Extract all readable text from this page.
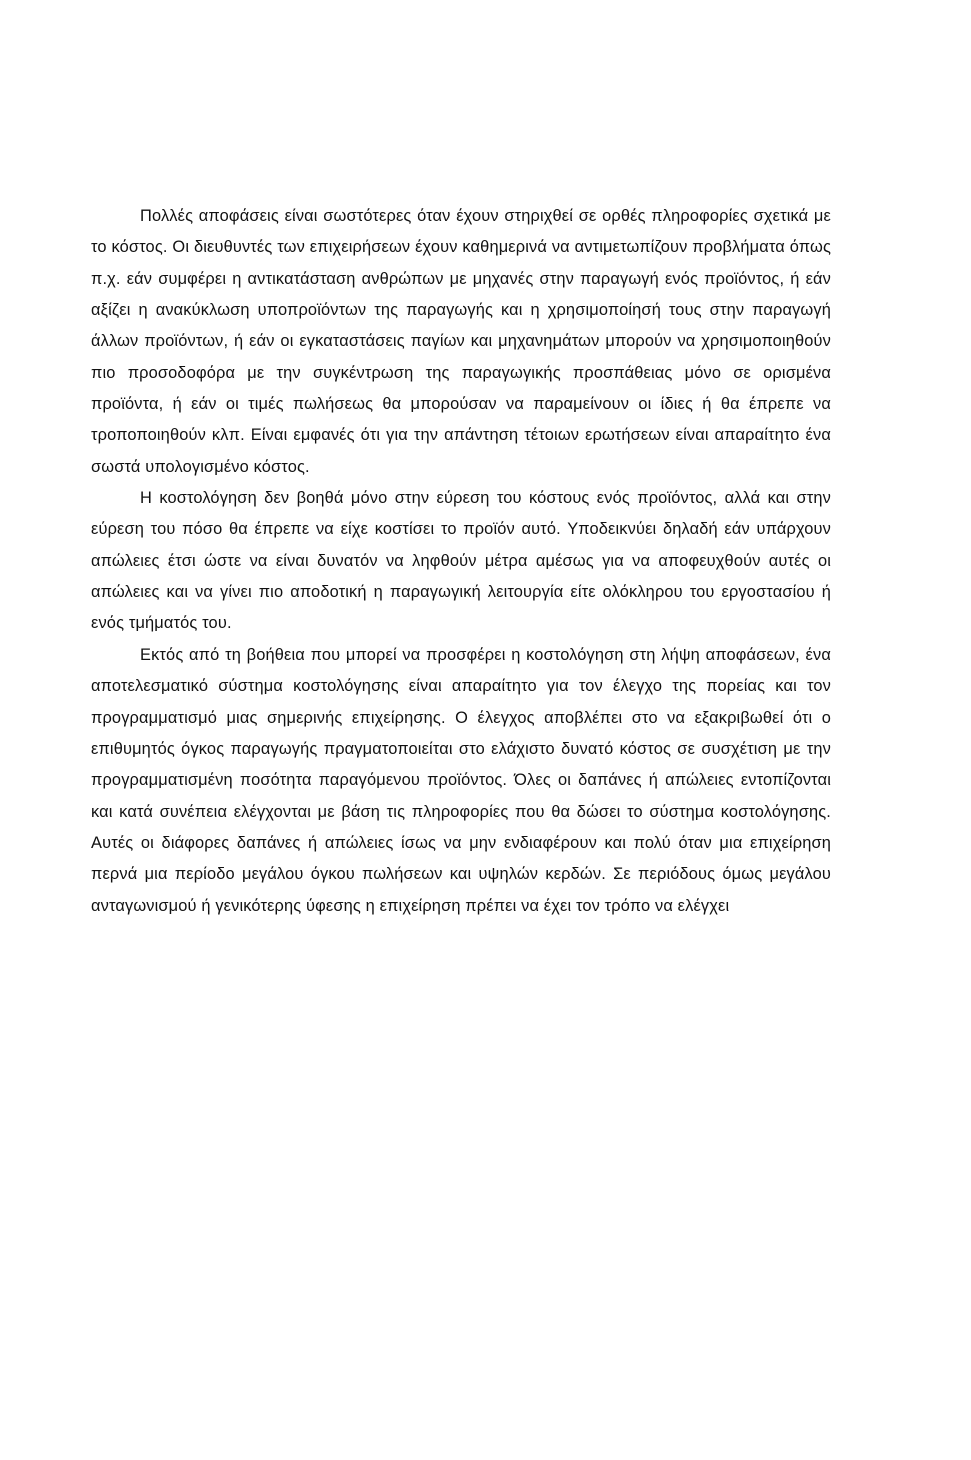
Πολλές αποφάσεις είναι σωστότερες όταν έχουν στηριχθεί σε ορθές πληροφορίες σχετικά με το κόστος. Οι διευθυντές των επιχειρήσεων έχουν καθημερινά να αντιμετωπίζουν προβλήματα όπως π.χ. εάν συμφέρει η αντικατάσταση ανθρώπων με μηχανές στην παραγωγή ενός προϊόντος, ή εάν αξίζει η ανακύκλωση υποπροϊόντων της παραγωγής και η χρησιμοποίησή τους στην παραγωγή άλλων προϊόντων, ή εάν οι εγκαταστάσεις παγίων και μηχανημάτων μπορούν να χρησιμοποιηθούν πιο προσοδοφόρα με την συγκέντρωση της παραγωγικής προσπάθειας μόνο σε ορισμένα προϊόντα, ή εάν οι τιμές πωλήσεως θα μπορούσαν να παραμείνουν οι ίδιες ή θα έπρεπε να τροποποιηθούν κλπ. Είναι εμφανές ότι για την απάντηση τέτοιων ερωτήσεων είναι απαραίτητο ένα σωστά υπολογισμένο κόστος.

Η κοστολόγηση δεν βοηθά μόνο στην εύρεση του κόστους ενός προϊόντος, αλλά και στην εύρεση του πόσο θα έπρεπε να είχε κοστίσει το προϊόν αυτό. Υποδεικνύει δηλαδή εάν υπάρχουν απώλειες έτσι ώστε να είναι δυνατόν να ληφθούν μέτρα αμέσως για να αποφευχθούν αυτές οι απώλειες και να γίνει πιο αποδοτική η παραγωγική λειτουργία είτε ολόκληρου του εργοστασίου ή ενός τμήματός του.

Εκτός από τη βοήθεια που μπορεί να προσφέρει η κοστολόγηση στη λήψη αποφάσεων, ένα αποτελεσματικό σύστημα κοστολόγησης είναι απαραίτητο για τον έλεγχο της πορείας και τον προγραμματισμό μιας σημερινής επιχείρησης. Ο έλεγχος αποβλέπει στο να εξακριβωθεί ότι ο επιθυμητός όγκος παραγωγής πραγματοποιείται στο ελάχιστο δυνατό κόστος σε συσχέτιση με την προγραμματισμένη ποσότητα παραγόμενου προϊόντος. Όλες οι δαπάνες ή απώλειες εντοπίζονται και κατά συνέπεια ελέγχονται με βάση τις πληροφορίες που θα δώσει το σύστημα κοστολόγησης. Αυτές οι διάφορες δαπάνες ή απώλειες ίσως να μην ενδιαφέρουν και πολύ όταν μια επιχείρηση περνά μια περίοδο μεγάλου όγκου πωλήσεων και υψηλών κερδών. Σε περιόδους όμως μεγάλου ανταγωνισμού ή γενικότερης ύφεσης η επιχείρηση πρέπει να έχει τον τρόπο να ελέγχει
